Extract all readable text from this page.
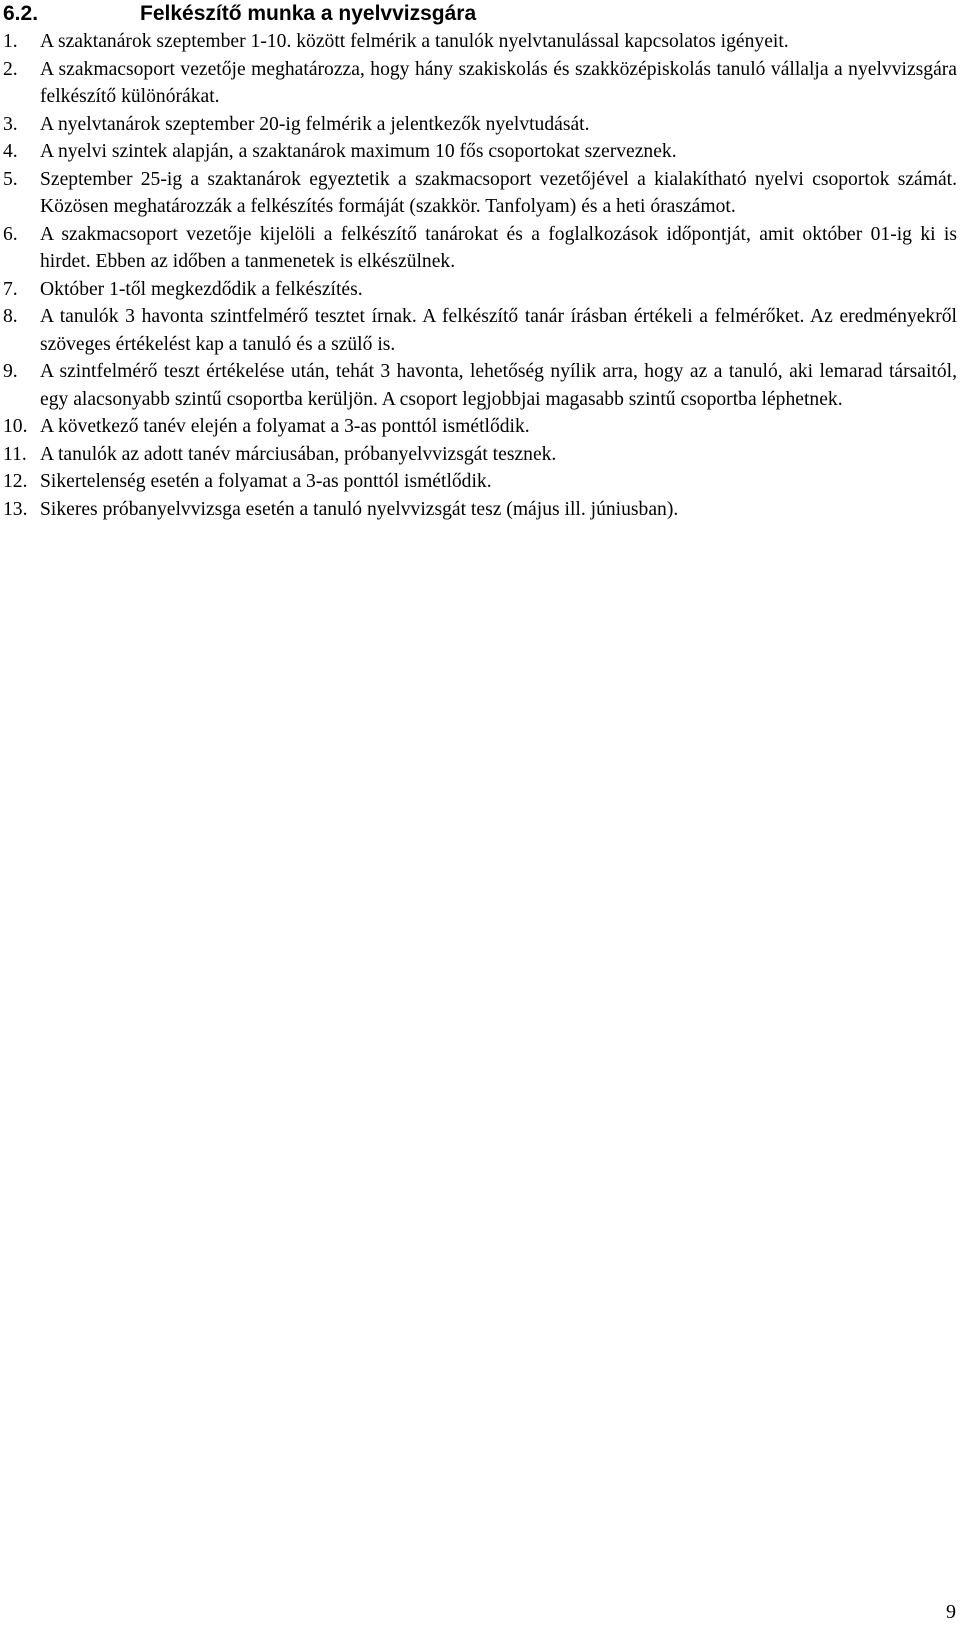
6.2.	Felkészítő munka a nyelvvizsgára
1. A szaktanárok szeptember 1-10. között felmérik a tanulók nyelvtanulással kapcsolatos igényeit.
2. A szakmacsoport vezetője meghatározza, hogy hány szakiskolás és szakközépiskolás tanuló vállalja a nyelvvizsgára felkészítő különórákat.
3. A nyelvtanárok szeptember 20-ig felmérik a jelentkezők nyelvtudását.
4. A nyelvi szintek alapján, a szaktanárok maximum 10 fős csoportokat szerveznek.
5. Szeptember 25-ig a szaktanárok egyeztetik a szakmacsoport vezetőjével a kialakítható nyelvi csoportok számát. Közösen meghatározzák a felkészítés formáját (szakkör. Tanfolyam) és a heti óraszámot.
6. A szakmacsoport vezetője kijelöli a felkészítő tanárokat és a foglalkozások időpontját, amit október 01-ig ki is hirdet. Ebben az időben a tanmenetek is elkészülnek.
7. Október 1-től megkezdődik a felkészítés.
8. A tanulók 3 havonta szintfelmérő tesztet írnak. A felkészítő tanár írásban értékeli a felmérőket. Az eredményekről szöveges értékelést kap a tanuló és a szülő is.
9. A szintfelmérő teszt értékelése után, tehát 3 havonta, lehetőség nyílik arra, hogy az a tanuló, aki lemarad társaitól, egy alacsonyabb szintű csoportba kerüljön. A csoport legjobbjai magasabb szintű csoportba léphetnek.
10. A következő tanév elején a folyamat a 3-as ponttól ismétlődik.
11. A tanulók az adott tanév márciusában, próbanyelvvizsgát tesznek.
12. Sikertelenség esetén a folyamat a 3-as ponttól ismétlődik.
13. Sikeres próbanyelvvizsga esetén a tanuló nyelvvizsgát tesz (május ill. júniusban).
9
